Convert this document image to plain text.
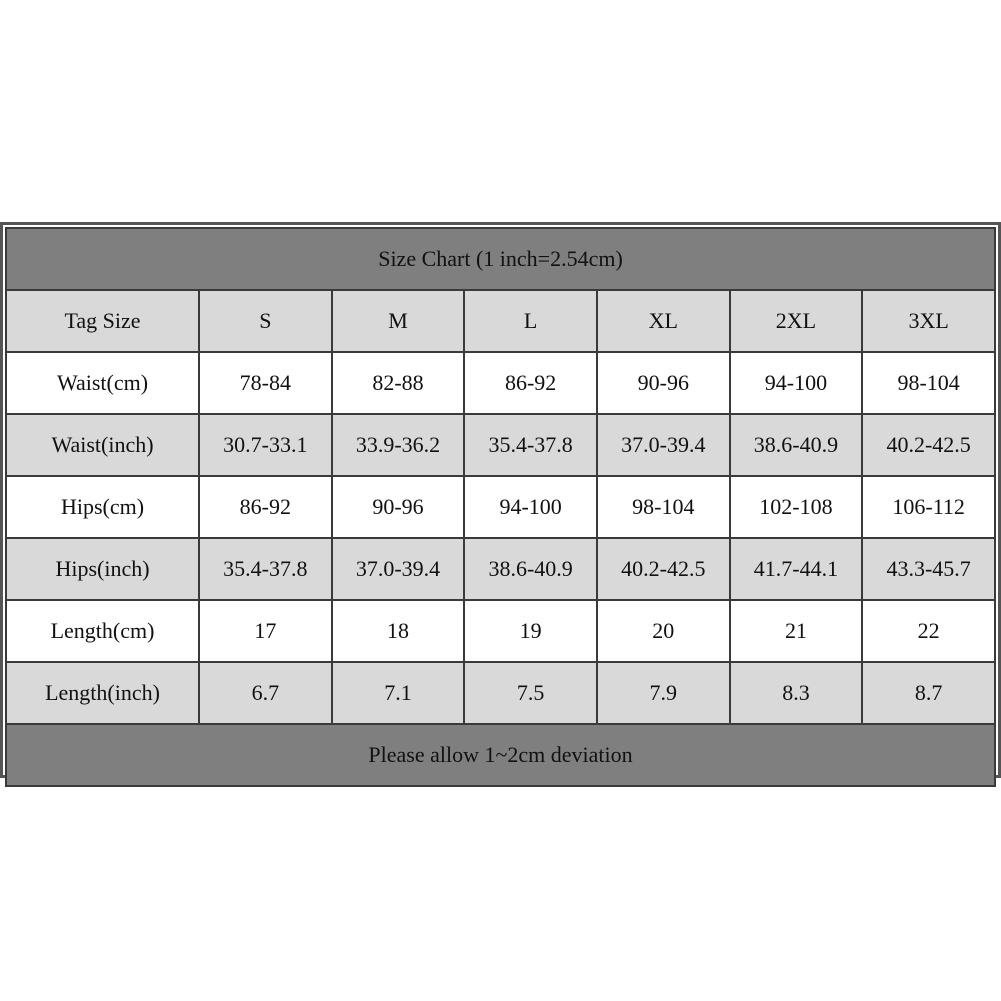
Size Chart (1 inch=2.54cm)						
Tag Size	S	M	L	XL	2XL	3XL
Waist(cm)	78-84	82-88	86-92	90-96	94-100	98-104
Waist(inch)	30.7-33.1	33.9-36.2	35.4-37.8	37.0-39.4	38.6-40.9	40.2-42.5
Hips(cm)	86-92	90-96	94-100	98-104	102-108	106-112
Hips(inch)	35.4-37.8	37.0-39.4	38.6-40.9	40.2-42.5	41.7-44.1	43.3-45.7
Length(cm)	17	18	19	20	21	22
Length(inch)	6.7	7.1	7.5	7.9	8.3	8.7
Please allow 1~2cm deviation						
